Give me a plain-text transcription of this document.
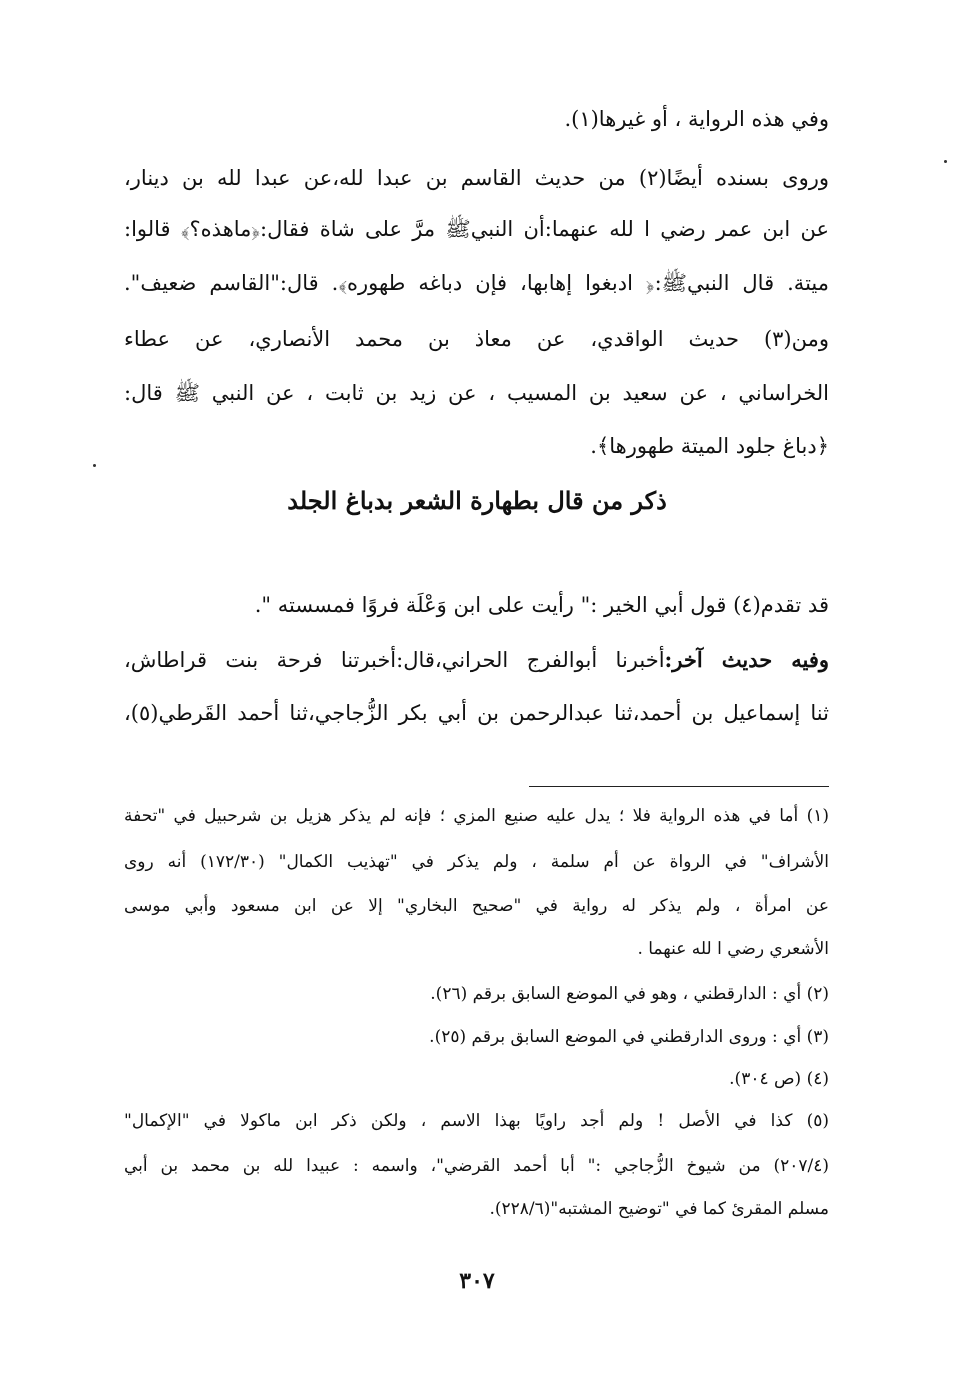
وفي هذه الرواية ، أو غيرها(١).
وروى بسنده أيضًا(٢) من حديث القاسم بن عبدا لله،عن عبدا لله بن دينار،
عن ابن عمر رضي ا لله عنهما:أن النبيﷺ مرَّ على شاة فقال:﴿ماهذه؟﴾ قالوا:
ميتة. قال النبيﷺ:﴿ ادبغوا إهابها، فإن دباغه طهوره﴾. قال:"القاسم ضعيف".
ومن(٣) حديث الواقدي، عن معاذ بن محمد الأنصاري، عن عطاء
الخراساني ، عن سعيد بن المسيب ، عن زيد بن ثابت ، عن النبي ﷺ قال:
﴿دباغ جلود الميتة طهورها﴾.
ذكر من قال بطهارة الشعر بدباغ الجلد
قد تقدم(٤) قول أبي الخير :" رأيت على ابن وَعْلَة فروًا فمسسته ".
وفيه حديث آخر:أخبرنا أبوالفرج الحراني،قال:أخبرتنا فرحة بنت قراطاش،
ثنا إسماعيل بن أحمد،ثنا عبدالرحمن بن أبي بكر الزُّجاجي،ثنا أحمد القَرطي(٥)،
(١) أما في هذه الرواية فلا ؛ يدل عليه صنيع المزي ؛ فإنه لم يذكر هزيل بن شرحبيل في "تحفة
الأشراف" في الرواة عن أم سلمة ، ولم يذكر في "تهذيب الكمال" (١٧٢/٣٠) أنه روى
عن امرأة ، ولم يذكر له رواية في "صحيح البخاري" إلا عن ابن مسعود وأبي موسى
الأشعري رضي ا لله عنهما .
(٢) أي : الدارقطني ، وهو في الموضع السابق برقم (٢٦).
(٣) أي : وروى الدارقطني في الموضع السابق برقم (٢٥).
(٤) (ص ٣٠٤).
(٥) كذا في الأصل ! ولم أجد راويًا بهذا الاسم ، ولكن ذكر ابن ماكولا في "الإكمال"
(٢٠٧/٤) من شيوخ الزُّجاجي :" أبا أحمد القرضي"، واسمه : عبيدا لله بن محمد بن أبي
مسلم المقرئ كما في "توضيح المشتبه"(٢٢٨/٦).
٣٠٧
